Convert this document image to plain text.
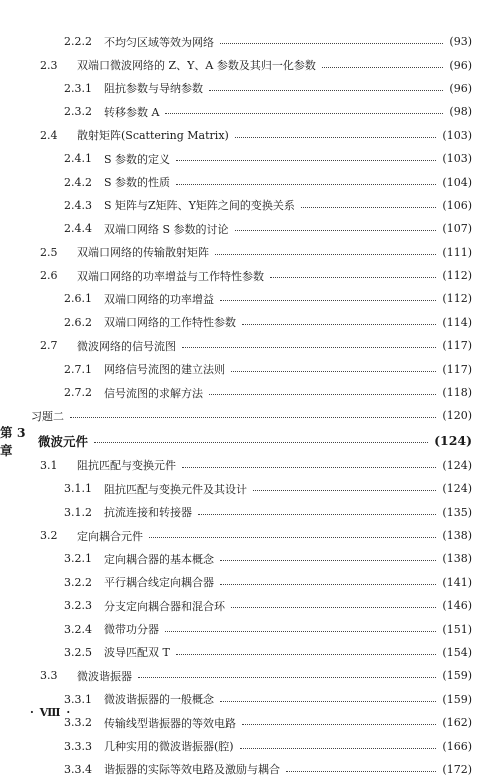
2.2.2	不均匀区域等效为网络	(93)
2.3	双端口微波网络的 Z、Y、A 参数及其归一化参数	(96)
2.3.1	阻抗参数与导纳参数	(96)
2.3.2	转移参数 A	(98)
2.4	散射矩阵(Scattering Matrix)	(103)
2.4.1	S 参数的定义	(103)
2.4.2	S 参数的性质	(104)
2.4.3	S 矩阵与Z矩阵、Y矩阵之间的变换关系	(106)
2.4.4	双端口网络 S 参数的讨论	(107)
2.5	双端口网络的传输散射矩阵	(111)
2.6	双端口网络的功率增益与工作特性参数	(112)
2.6.1	双端口网络的功率增益	(112)
2.6.2	双端口网络的工作特性参数	(114)
2.7	微波网络的信号流图	(117)
2.7.1	网络信号流图的建立法则	(117)
2.7.2	信号流图的求解方法	(118)
习题二	(120)
第 3 章
微波元件	(124)
3.1	阻抗匹配与变换元件	(124)
3.1.1	阻抗匹配与变换元件及其设计	(124)
3.1.2	抗流连接和转接器	(135)
3.2	定向耦合元件	(138)
3.2.1	定向耦合器的基本概念	(138)
3.2.2	平行耦合线定向耦合器	(141)
3.2.3	分支定向耦合器和混合环	(146)
3.2.4	微带功分器	(151)
3.2.5	波导匹配双 T	(154)
3.3	微波谐振器	(159)
3.3.1	微波谐振器的一般概念	(159)
3.3.2	传输线型谐振器的等效电路	(162)
3.3.3	几种实用的微波谐振器(腔)	(166)
3.3.4	谐振器的实际等效电路及激励与耦合	(172)
· Ⅷ ·
